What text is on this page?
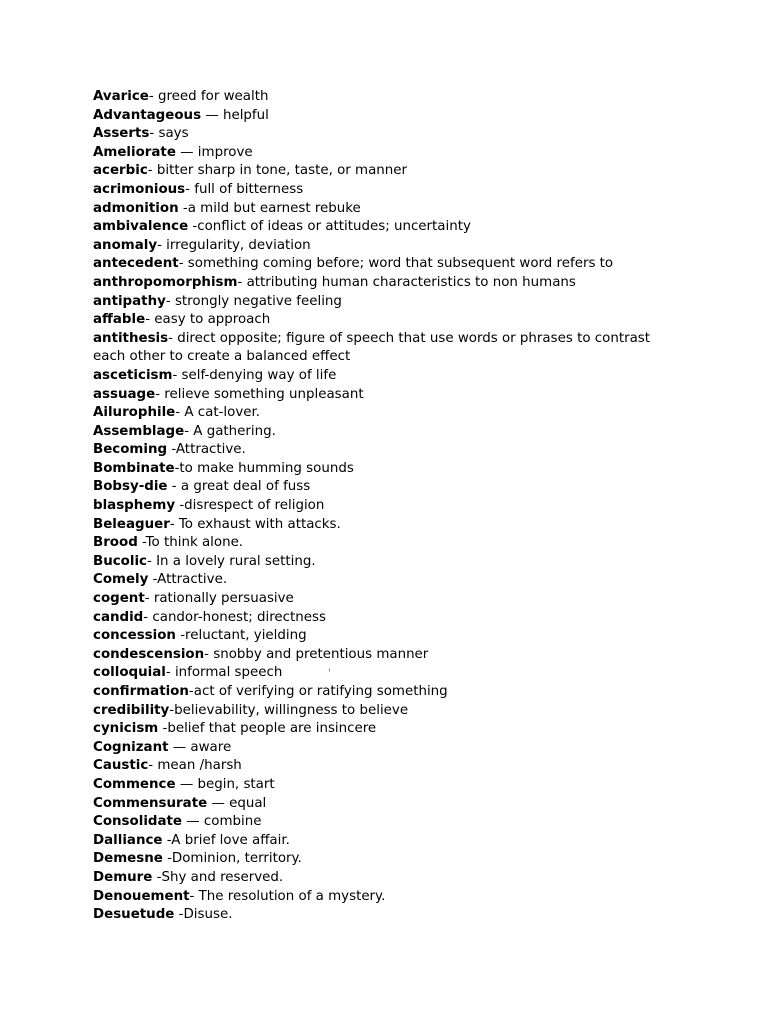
Avarice- greed for wealth

Advantageous — helpful

Asserts- says

Ameliorate — improve

acerbic- bitter sharp in tone, taste, or manner

acrimonious- full of bitterness

admonition -a mild but earnest rebuke

ambivalence -conflict of ideas or attitudes; uncertainty

anomaly- irregularity, deviation

antecedent- something coming before; word that subsequent word refers to

anthropomorphism- attributing human characteristics to non humans

antipathy- strongly negative feeling

affable- easy to approach

antithesis- direct opposite; figure of speech that use words or phrases to contrast each other to create a balanced effect

asceticism- self-denying way of life

assuage- relieve something unpleasant

Ailurophile- A cat-lover.

Assemblage- A gathering.

Becoming -Attractive.

Bombinate-to make humming sounds

Bobsy-die - a great deal of fuss

blasphemy -disrespect of religion

Beleaguer- To exhaust with attacks.

Brood -To think alone.

Bucolic- In a lovely rural setting.

Comely -Attractive.

cogent- rationally persuasive

candid- candor-honest; directness

concession -reluctant, yielding

condescension- snobby and pretentious manner

colloquial- informal speech

confirmation-act of verifying or ratifying something

credibility-believability, willingness to believe

cynicism -belief that people are insincere

Cognizant — aware

Caustic- mean /harsh

Commence — begin, start

Commensurate — equal

Consolidate — combine

Dalliance -A brief love affair.

Demesne -Dominion, territory.

Demure -Shy and reserved.

Denouement- The resolution of a mystery.

Desuetude -Disuse.

ⁱ
